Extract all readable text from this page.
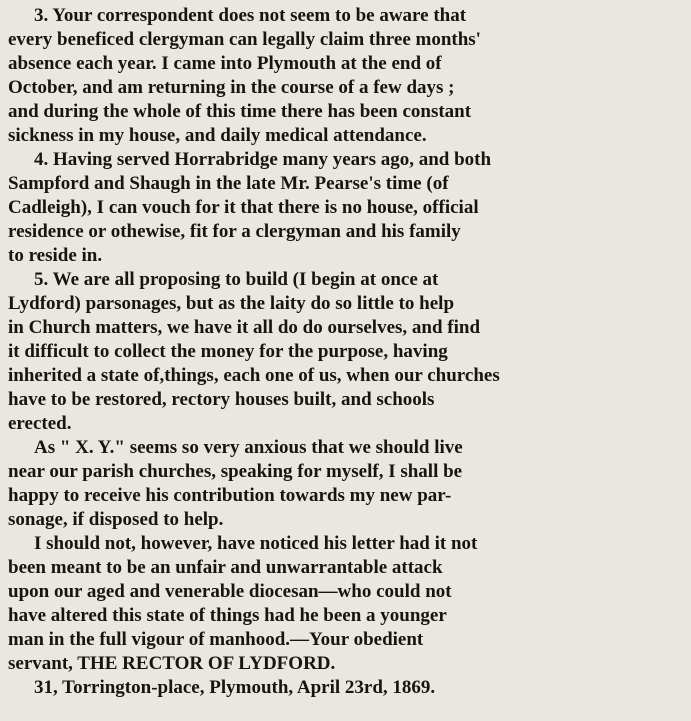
3. Your correspondent does not seem to be aware that
every beneficed clergyman can legally claim three months'
absence each year. I came into Plymouth at the end of
October, and am returning in the course of a few days ;
and during the whole of this time there has been constant
sickness in my house, and daily medical attendance.
4. Having served Horrabridge many years ago, and both
Sampford and Shaugh in the late Mr. Pearse's time (of
Cadleigh), I can vouch for it that there is no house, official
residence or othewise, fit for a clergyman and his family
to reside in.
5. We are all proposing to build (I begin at once at
Lydford) parsonages, but as the laity do so little to help
in Church matters, we have it all do do ourselves, and find
it difficult to collect the money for the purpose, having
inherited a state of,things, each one of us, when our churches
have to be restored, rectory houses built, and schools
erected.
As " X. Y." seems so very anxious that we should live
near our parish churches, speaking for myself, I shall be
happy to receive his contribution towards my new par-
sonage, if disposed to help.
I should not, however, have noticed his letter had it not
been meant to be an unfair and unwarrantable attack
upon our aged and venerable diocesan—who could not
have altered this state of things had he been a younger
man in the full vigour of manhood.—Your obedient
servant, THE RECTOR OF LYDFORD.
31, Torrington-place, Plymouth, April 23rd, 1869.
